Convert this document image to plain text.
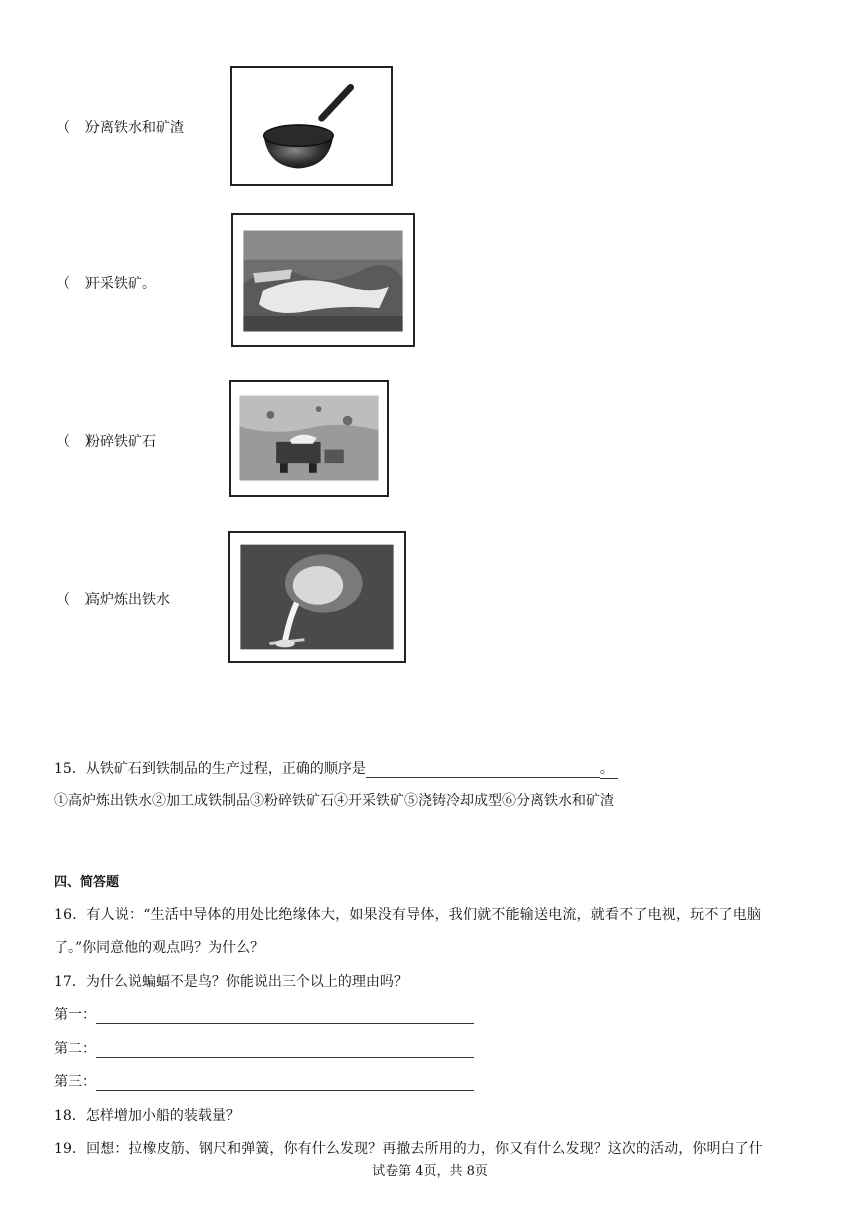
（　）分离铁水和矿渣
（　）开采铁矿。
（　）粉碎铁矿石
（　）高炉炼出铁水
15．从铁矿石到铁制品的生产过程，正确的顺序是	。
①高炉炼出铁水②加工成铁制品③粉碎铁矿石④开采铁矿⑤浇铸冷却成型⑥分离铁水和矿渣
四、简答题
16．有人说：“生活中导体的用处比绝缘体大，如果没有导体，我们就不能输送电流，就看不了电视，玩不了电脑
了。”你同意他的观点吗？为什么？
17．为什么说蝙蝠不是鸟？你能说出三个以上的理由吗？
第一：
第二：
第三：
18．怎样增加小船的装载量？
19．回想：拉橡皮筋、钢尺和弹簧，你有什么发现？再撤去所用的力，你又有什么发现？这次的活动，你明白了什
试卷第 4页，共 8页
